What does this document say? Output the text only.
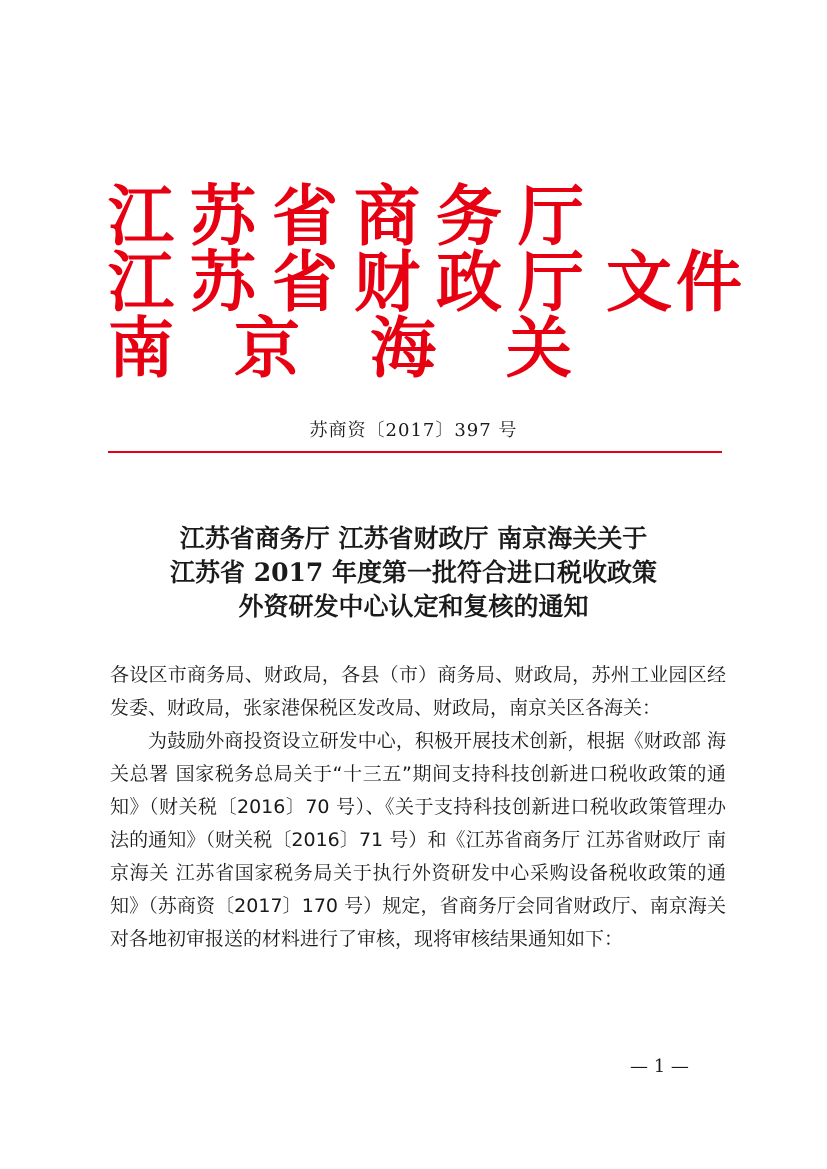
江 苏 省 商 务 厅
江 苏 省 财 政 厅 文件
南 京 海 关
苏商资〔2017〕397 号
江苏省商务厅 江苏省财政厅 南京海关关于
江苏省 2017 年度第一批符合进口税收政策
外资研发中心认定和复核的通知

各设区市商务局、财政局，各县（市）商务局、财政局，苏州工业园区经发委、财政局，张家港保税区发改局、财政局，南京关区各海关：

为鼓励外商投资设立研发中心，积极开展技术创新，根据《财政部 海关总署 国家税务总局关于“十三五”期间支持科技创新进口税收政策的通知》（财关税〔2016〕70 号）、《关于支持科技创新进口税收政策管理办法的通知》（财关税〔2016〕71 号）和《江苏省商务厅 江苏省财政厅 南京海关 江苏省国家税务局关于执行外资研发中心采购设备税收政策的通知》（苏商资〔2017〕170 号）规定，省商务厅会同省财政厅、南京海关对各地初审报送的材料进行了审核，现将审核结果通知如下：

— 1 —
